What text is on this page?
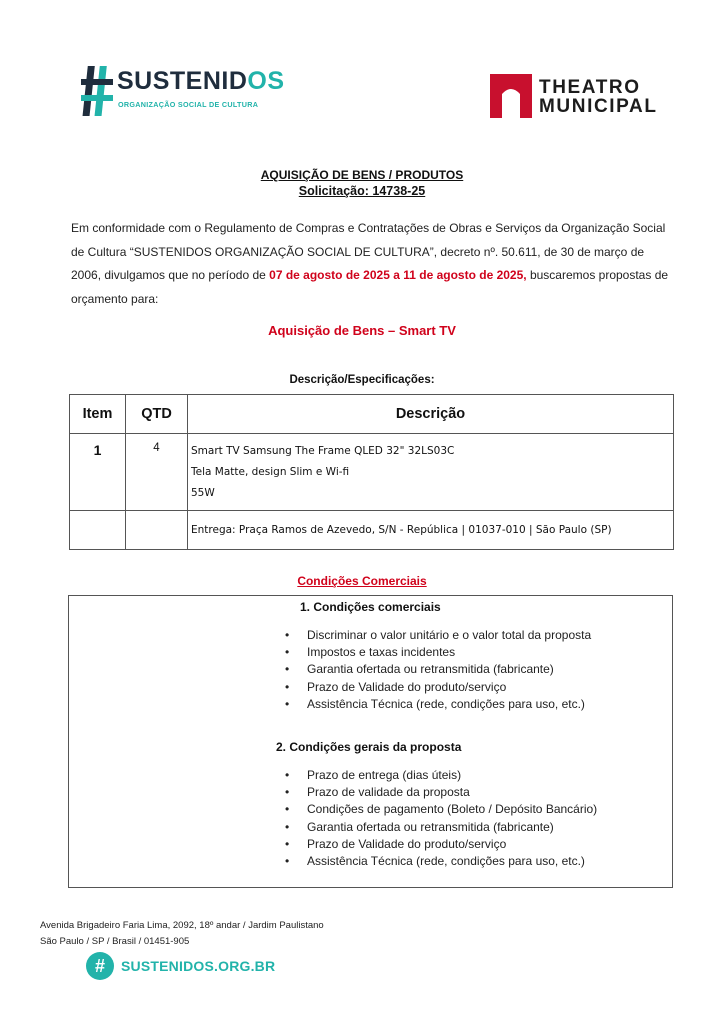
SUSTENIDOS
ORGANIZAÇÃO SOCIAL DE CULTURA
THEATRO
MUNICIPAL
AQUISIÇÃO DE BENS / PRODUTOS
Solicitação: 14738-25
Em conformidade com o Regulamento de Compras e Contratações de Obras e Serviços da Organização Social de Cultura “SUSTENIDOS ORGANIZAÇÃO SOCIAL DE CULTURA”, decreto nº. 50.611, de 30 de março de 2006, divulgamos que no período de 07 de agosto de 2025 a 11 de agosto de 2025, buscaremos propostas de orçamento para:
Aquisição de Bens – Smart TV
Descrição/Especificações:
Item	QTD	Descrição
1	4	Smart TV Samsung The Frame QLED 32" 32LS03C
Tela Matte, design Slim e Wi-fi
55W

		Entrega: Praça Ramos de Azevedo, S/N - República | 01037-010 | São Paulo (SP)
Condições Comerciais
1. Condições comerciais
• Discriminar o valor unitário e o valor total da proposta
• Impostos e taxas incidentes
• Garantia ofertada ou retransmitida (fabricante)
• Prazo de Validade do produto/serviço
• Assistência Técnica (rede, condições para uso, etc.)
2. Condições gerais da proposta
• Prazo de entrega (dias úteis)
• Prazo de validade da proposta
• Condições de pagamento (Boleto / Depósito Bancário)
• Garantia ofertada ou retransmitida (fabricante)
• Prazo de Validade do produto/serviço
• Assistência Técnica (rede, condições para uso, etc.)
Avenida Brigadeiro Faria Lima, 2092, 18º andar / Jardim Paulistano
São Paulo / SP / Brasil / 01451-905
#	SUSTENIDOS.ORG.BR
